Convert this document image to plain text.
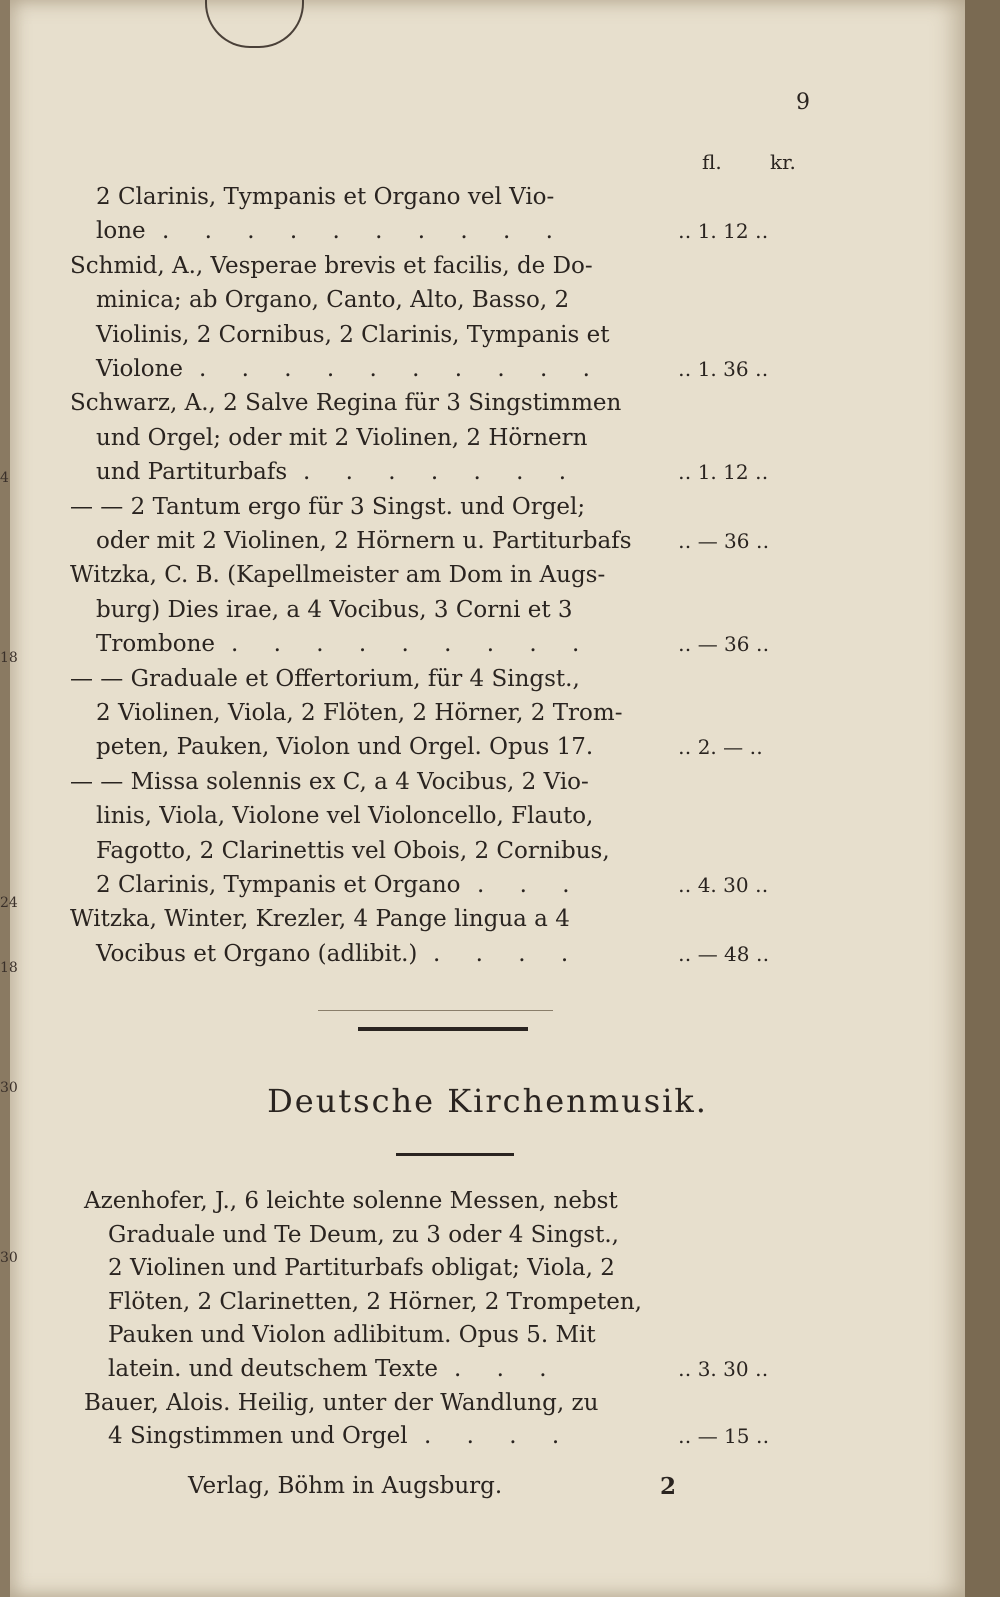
9
fl. kr.
2 Clarinis, Tympanis et Organo vel Vio-
lone . . . . . . . . . .	‥ 1. 12 ‥
Schmid, A., Vesperae brevis et facilis, de Do-
minica; ab Organo, Canto, Alto, Basso, 2
Violinis, 2 Cornibus, 2 Clarinis, Tympanis et
Violone . . . . . . . . . .	‥ 1. 36 ‥
Schwarz, A., 2 Salve Regina für 3 Singstimmen
und Orgel; oder mit 2 Violinen, 2 Hörnern
und Partiturbafs . . . . . . .	‥ 1. 12 ‥
— — 2 Tantum ergo für 3 Singst. und Orgel;
oder mit 2 Violinen, 2 Hörnern u. Partiturbafs ‥ — 36 ‥
Witzka, C. B. (Kapellmeister am Dom in Augs-
burg) Dies irae, a 4 Vocibus, 3 Corni et 3
Trombone . . . . . . . . .	‥ — 36 ‥
— — Graduale et Offertorium, für 4 Singst.,
2 Violinen, Viola, 2 Flöten, 2 Hörner, 2 Trom-
peten, Pauken, Violon und Orgel. Opus 17.	‥ 2. — ‥
— — Missa solennis ex C, a 4 Vocibus, 2 Vio-
linis, Viola, Violone vel Violoncello, Flauto,
Fagotto, 2 Clarinettis vel Obois, 2 Cornibus,
2 Clarinis, Tympanis et Organo . . .	‥ 4. 30 ‥
Witzka, Winter, Krezler, 4 Pange lingua a 4
Vocibus et Organo (adlibit.) . . . .	‥ — 48 ‥
Deutsche Kirchenmusik.
Azenhofer, J., 6 leichte solenne Messen, nebst
Graduale und Te Deum, zu 3 oder 4 Singst.,
2 Violinen und Partiturbafs obligat; Viola, 2
Flöten, 2 Clarinetten, 2 Hörner, 2 Trompeten,
Pauken und Violon adlibitum. Opus 5. Mit
latein. und deutschem Texte . . .	‥ 3. 30 ‥
Bauer, Alois. Heilig, unter der Wandlung, zu
4 Singstimmen und Orgel . . . .	‥ — 15 ‥
Verlag, Böhm in Augsburg.	2
4
18
24
18
30
30
